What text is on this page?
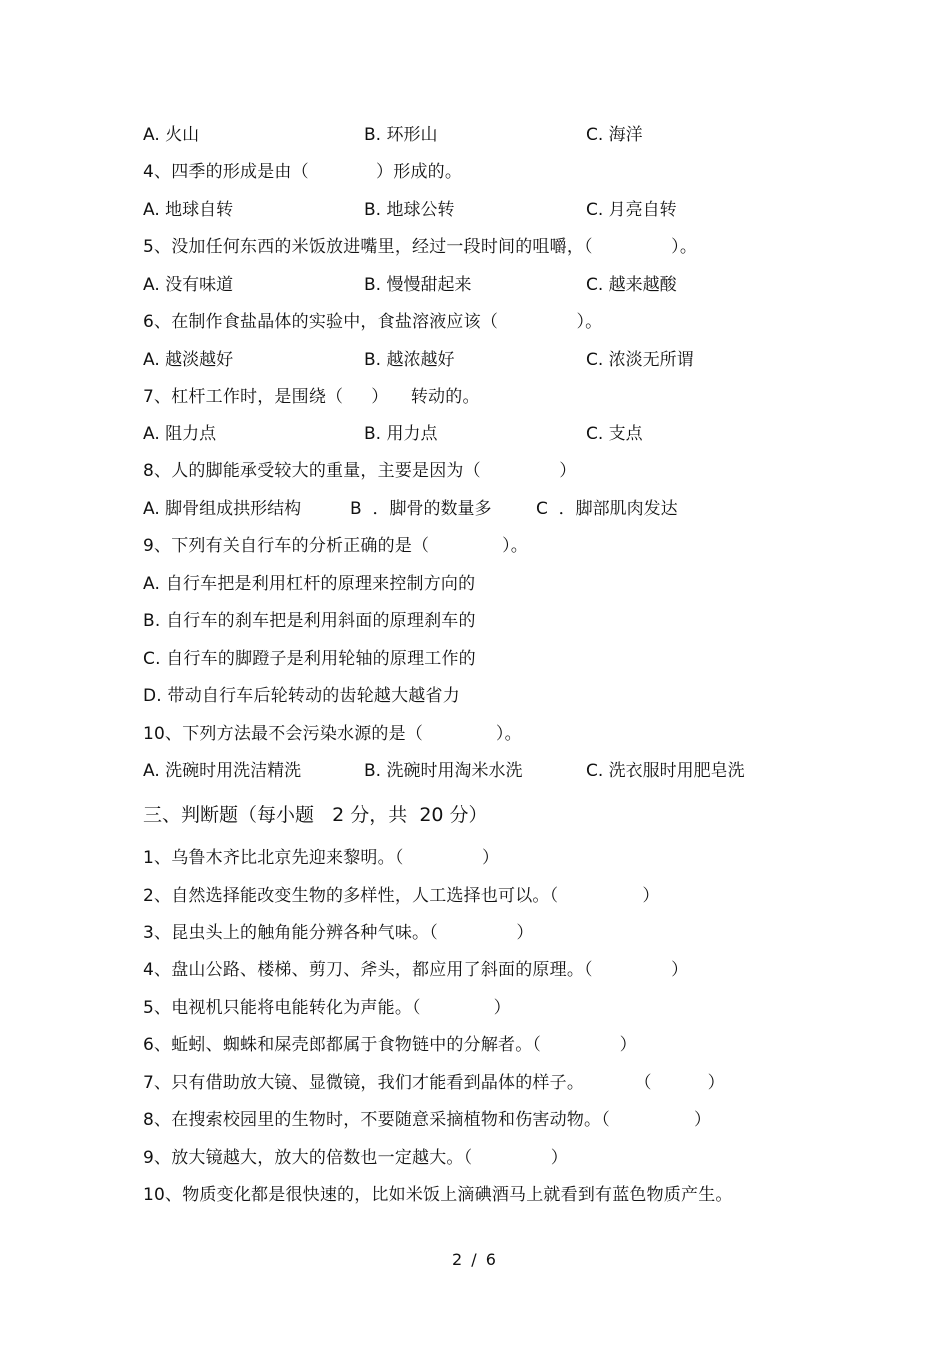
A. 火山	B. 环形山	C. 海洋
4、四季的形成是由（            ）形成的。
A. 地球自转	B. 地球公转	C. 月亮自转
5、没加任何东西的米饭放进嘴里，经过一段时间的咀嚼，（              ）。
A. 没有味道	B. 慢慢甜起来	C. 越来越酸
6、在制作食盐晶体的实验中，食盐溶液应该（              ）。
A. 越淡越好	B. 越浓越好	C. 浓淡无所谓
7、杠杆工作时，是围绕（     ）    转动的。
A. 阻力点	B. 用力点	C. 支点
8、人的脚能承受较大的重量，主要是因为（              ）
A. 脚骨组成拱形结构	B  ．脚骨的数量多	C  ．脚部肌肉发达
9、下列有关自行车的分析正确的是（             ）。
A. 自行车把是利用杠杆的原理来控制方向的
B. 自行车的刹车把是利用斜面的原理刹车的
C. 自行车的脚蹬子是利用轮轴的原理工作的
D. 带动自行车后轮转动的齿轮越大越省力
10、下列方法最不会污染水源的是（             ）。
A. 洗碗时用洗洁精洗	B. 洗碗时用淘米水洗	C. 洗衣服时用肥皂洗
三、判断题（每小题   2 分，共  20 分）
1、乌鲁木齐比北京先迎来黎明。（              ）
2、自然选择能改变生物的多样性，人工选择也可以。（               ）
3、昆虫头上的触角能分辨各种气味。（              ）
4、盘山公路、楼梯、剪刀、斧头，都应用了斜面的原理。（              ）
5、电视机只能将电能转化为声能。（             ）
6、蚯蚓、蜘蛛和屎壳郎都属于食物链中的分解者。（              ）
7、只有借助放大镜、显微镜，我们才能看到晶体的样子。         （          ）
8、在搜索校园里的生物时，不要随意采摘植物和伤害动物。（               ）
9、放大镜越大，放大的倍数也一定越大。（              ）
10、物质变化都是很快速的，比如米饭上滴碘酒马上就看到有蓝色物质产生。
2 / 6
